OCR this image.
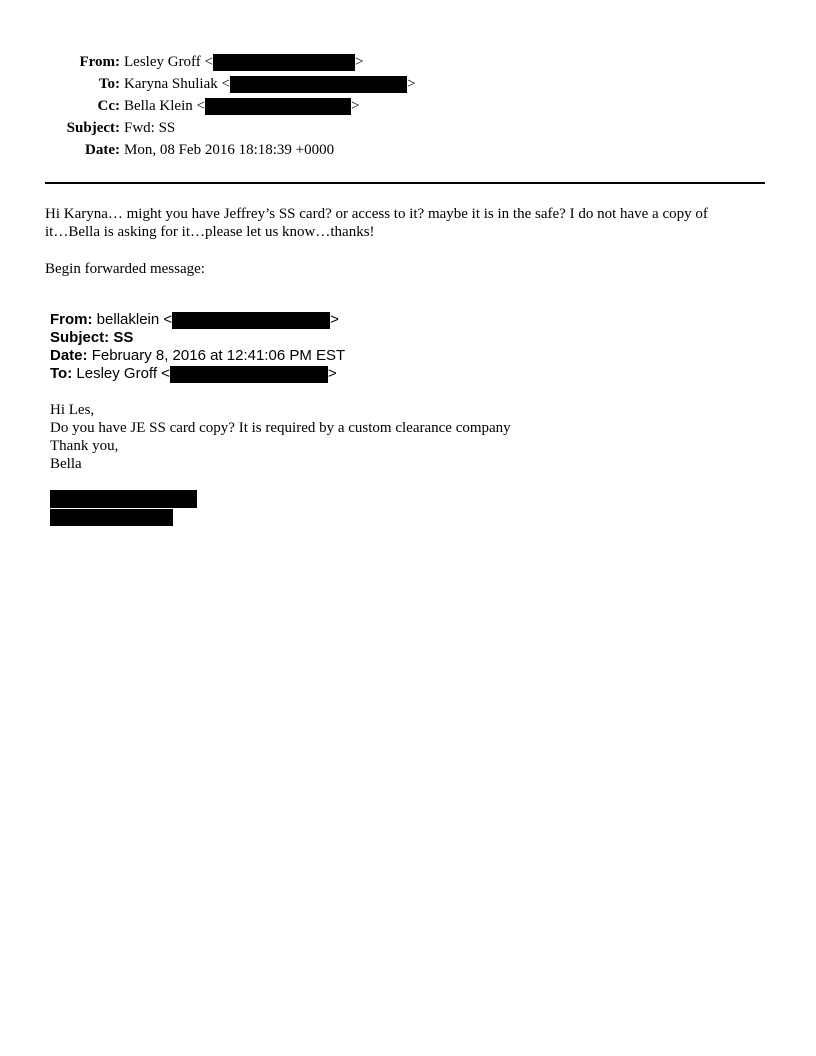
From: Lesley Groff <	>
To: Karyna Shuliak <	>
Cc: Bella Klein <	>
Subject: Fwd: SS
Date: Mon, 08 Feb 2016 18:18:39 +0000
Hi Karyna… might you have Jeffrey’s SS card? or access to it? maybe it is in the safe? I do not have a copy of
it…Bella is asking for it…please let us know…thanks!
Begin forwarded message:
From: bellaklein <	>
Subject: SS
Date: February 8, 2016 at 12:41:06 PM EST
To: Lesley Groff <	>
Hi Les,
Do you have JE SS card copy? It is required by a custom clearance company
Thank you,
Bella
